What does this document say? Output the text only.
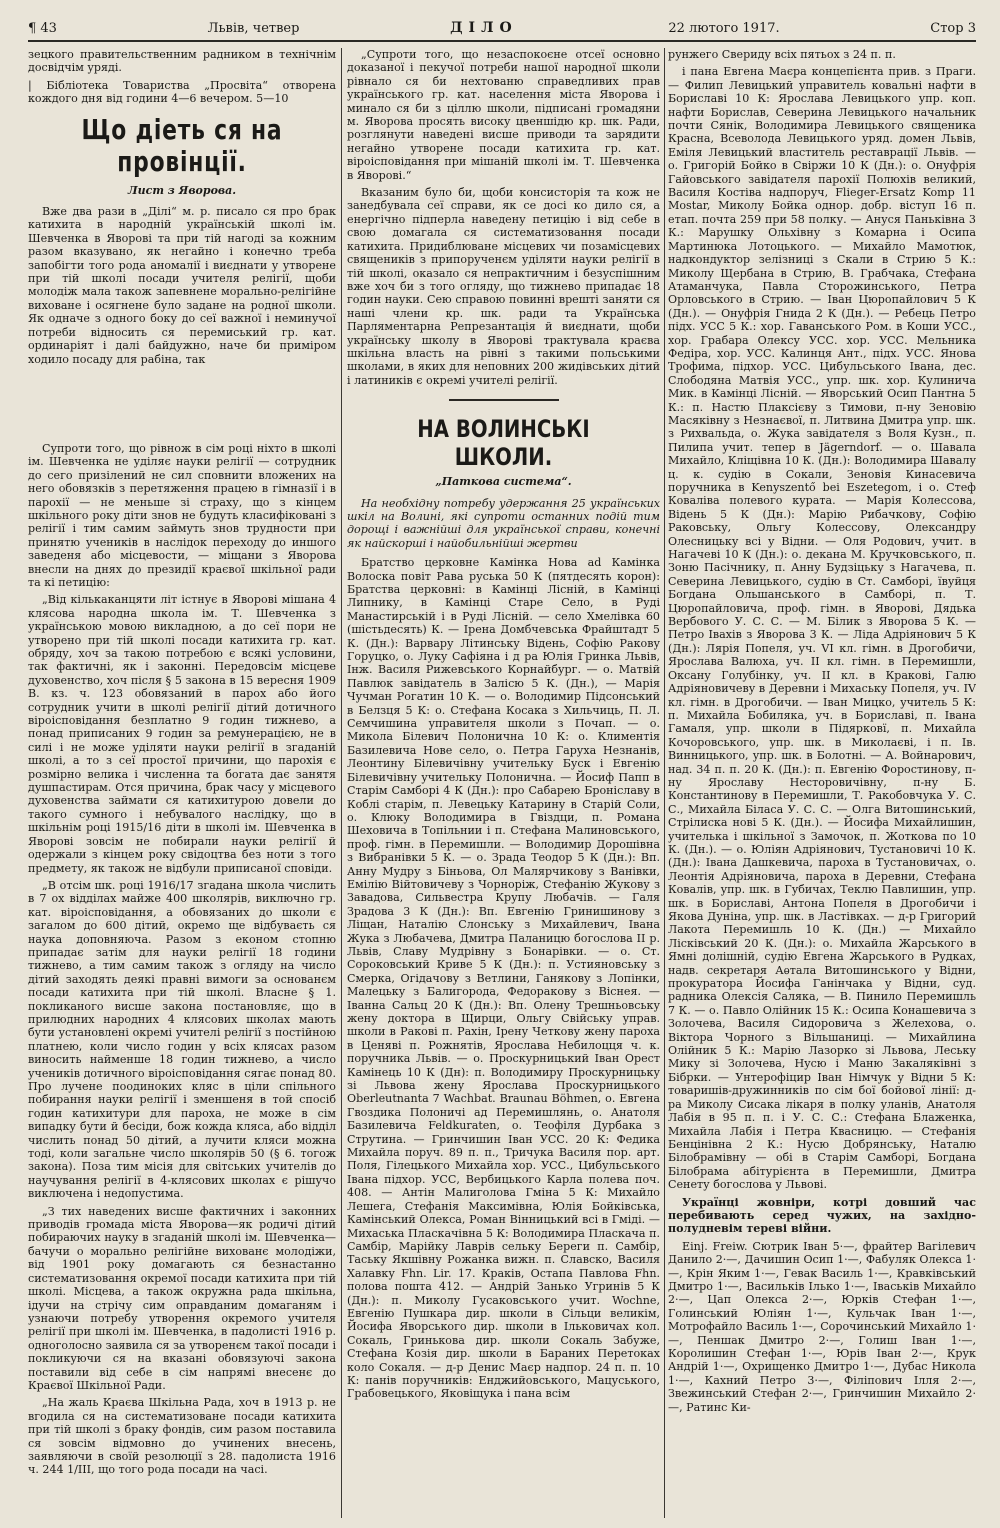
¶ 43	Львів, четвер	ДІЛО	22 лютого 1917.	Стор 3

зецкого правительственним радником в технічнім досвідчім уряді.

| Бібліотека Товариства „Просвіта“ отворена кождого дня від години 4—6 вечером. 5—10

Що діеть ся на провінції.
Лист з Яворова.

Вже два рази в „Ділі“ м. р. писало ся про брак катихита в народній українській школі ім. Шевченка в Яворові та при тій нагоді за кожним разом вказувано, як негайно і конечно треба запобігти того рода аномалії і виєднати у утворене при тій школі посади учителя релігії, щоби молодіж мала також запевнене морально-релігійне виховане і осягнене було задане на родної школи. Як одначе з одного боку до сеї важної і неминучої потреби відносить ся перемиський гр. кат. ординаріят і далі байдужно, наче би приміром ходило посаду для рабіна, так

Супроти того, що рівнож в сім році ніхто в школі ім. Шевченка не уділяє науки релігії — сотрудник до сего призілений не сил сповнити вложених на него обовязків з перетяження працею в гімназії і в парохії — не меньше зі страху, що з кінцем шкільного року діти знов не будуть класифіковані з релігії і тим самим займуть знов трудности при принятю учеників в наслідок переходу до иншого заведеня або місцевости, — міщани з Яворова внесли на днях до президії краєвої шкільної ради та кі петицію:

„Від кількаканцяти літ істнує в Яворові мішана 4 клясова народна школа ім. Т. Шевченка з українською мовою викладною, а до сеї пори не утворено при тій школі посади катихита гр. кат. обряду, хоч за такою потребою є всякі условини, так фактичні, як і законні. Передовсім місцеве духовенство, хоч після § 5 закона в 15 вересня 1909 В. кз. ч. 123 обовязаний в парох або його сотрудник учити в школі релігії дітий дотичного віроісповідання безплатно 9 годин тижнево, а понад приписаних 9 годин за ремунерацією, не в силі і не може уділяти науки релігії в згаданій школі, а то з сеї простої причини, що парохія є розмірно велика і численна та богата дає занятя душпастирам. Отся причина, брак часу у місцевого духовенства займати ся катихитурою довели до такого сумного і небувалого наслідку, що в шкільнім році 1915/16 діти в школі ім. Шевченка в Яворові зовсім не побирали науки релігії й одержали з кінцем року свідоцтва без ноти з того предмету, як також не відбули приписаної сповіди.

„В отсім шк. році 1916/17 згадана школа числить в 7 ох відділах майже 400 школярів, виключно гр. кат. віроісповідання, а обовязаних до школи є загалом до 600 дітий, окремо ще відбуваєть ся наука доповняюча. Разом з економ стопню припадає затім для науки релігії 18 години тижнево, а тим самим також з огляду на число дітий заходять деякі правні вимоги за основанєм посади катихита при тій школі. Власне § 1. покликаного висше закона постановляє, що в прилюдних народних 4 клясових школах мають бути установлені окремі учителі релігії з постійною платнею, коли число годин у всіх клясах разом виносить найменше 18 годин тижнево, а число учеників дотичного віроісповідання сягає понад 80. Про лучене поодиноких кляс в ціли спільного побирання науки релігії і зменшеня в той спосіб годин катихитури для пароха, не може в сім випадку бути й бесіди, бож кожда кляса, або відділ числить понад 50 дітий, а лучити кляси можна тоді, коли загальне число школярів 50 (§ 6. тогож закона). Поза тим місія для світських учителів до научування релігії в 4-клясових школах є рішучо виключена і недопустима.

„З тих наведених висше фактичних і законних приводів громада міста Яворова—як родичі дітий побираючих науку в згаданій школі ім. Шевченка—бачучи о морально релігійне вихованє молодіжи, від 1901 року домагають ся безнастанно систематизовання окремої посади катихита при тій школі. Місцева, а також окружна рада шкільна, ідучи на стрічу сим оправданим домаганям і узнаючи потребу утворення окремого учителя релігії при школі ім. Шевченка, в падолисті 1916 р. одноголосно заявила ся за утворенєм такої посади і покликуючи ся на вказані обовязуючі закона поставили від себе в сім напрямі внесенє до Краєвої Шкільної Ради.

„На жаль Краєва Шкільна Рада, хоч в 1913 р. не вгодила ся на систематизоване посади катихита при тій школі з браку фондів, сим разом поставила ся зовсім відмовно до учинених внесень, заявляючи в своїй резолюції з 28. падолиста 1916 ч. 244 1/III, що того рода посади на часі.

„Супроти того, що незаспокоєне отсеї основно доказаної і пекучої потреби нашої народної школи рівнало ся би нехтованю справедливих прав українського гр. кат. населення міста Яворова і минало ся би з ціллю школи, підписані громадяни м. Яворова просять високу цвеншідю кр. шк. Ради, розглянути наведені висше приводи та зарядити негайно утворене посади катихита гр. кат. віроісповідання при мішаній школі ім. Т. Шевченка в Яворові.“

Вказаним було би, щоби консисторія та кож не занедбувала сеї справи, як се досі ко дило ся, а енергічно підперла наведену петицію і від себе в свою домагала ся систематизовання посади катихита. Придиблюване місцевих чи позамісцевих священиків з припорученєм уділяти науки релігії в тій школі, оказало ся непрактичним і безуспішним вже хоч би з того огляду, що тижнево припадає 18 годин науки. Сею справою повинні врешті заняти ся наші члени кр. шк. ради та Українська Парляментарна Репрезантація й виєднати, щоби українську школу в Яворові трактувала краєва шкільна власть на рівні з такими польськими школами, в яких для неповних 200 жидівських дітий і латиників є окремі учителі релігії.

НА ВОЛИНСЬКІ ШКОЛИ.
„Паткова система“.

На необхідну потребу удержання 25 українських шкіл на Волині, які супроти останних подій тим дорощі і важнійші для української справи, конечні як найскорші і найобильнійші жертви

Братство церковне Камінка Нова ad Камінка Волоска повіт Рава руська 50 К (пятдесять корон): Братства церковні: в Камінці Лісній, в Камінці Липнику, в Камінці Старе Село, в Руді Манастирській і в Руді Лісній. — село Хмелівка 60 (шістьдесять) К. — Ірена Домбчевська Фрайштадт 5 К. (Дн.): Варвару Літинську Відень, Софію Ракову Горуцко, о. Луку Сафіяна і д ра Юлія Гринка Львів, Інж. Василя Рижевського Корнайбург. — о. Матвій Павлюк завідатель в Залісю 5 К. (Дн.), — Марія Чучман Рогатин 10 К. — о. Володимир Підсонський в Белзця 5 К: о. Стефана Косака з Хильчиць, П. Л. Семчишина управителя школи з Почап. — о. Микола Білевич Полонична 10 К: о. Климентія Базилевича Нове село, о. Петра Гаруха Незнанів, Леонтину Білевичівну учительку Буск і Евгенію Білевичівну учительку Полонична. — Йосиф Папп в Старім Самборі 4 К (Дн.): про Сабарею Броніславу в Коблі старім, п. Левецьку Катарину в Старій Соли, о. Клюку Володимира в Гвіздци, п. Романа Шеховича в Топільнии і п. Стефана Малиновського, проф. гімн. в Перемишли. — Володимир Дорошівна з Вибранівки 5 К. — о. Зрада Теодор 5 К (Дн.): Вп. Анну Мудру з Біньова, Ол Малярчикову з Ванівки, Емілію Війтовичеву з Чорноріж, Стефанію Жукову з Завадова, Сильвестра Крупу Любачів. — Галя Зрадова 3 К (Дн.): Вп. Евгенію Гринишинову з Ліщан, Наталію Слонську з Михайлевич, Івана Жука з Любачева, Дмитра Паланицю богослова II р. Львів, Славу Мудрівну з Бонарівки. — о. Ст. Сороковський Криве 5 К (Дн.): п. Устияновську з Смерка, Огідачову з Ветлини, Ганякову з Лопінки, Малецьку з Балигорода, Федоракову з Віснея. — Іванна Сальц 20 К (Дн.): Вп. Олену Трешньовську жену доктора в Щирци, Ольгу Свійську управ. школи в Ракові п. Рахін, Ірену Четкову жену пароха в Ценяві п. Рожнятів, Ярослава Небилоцця ч. к. поручника Львів. — о. Проскурницький Іван Орест Камінець 10 К (Дн): п. Володимиру Проскурницьку зі Львова жену Ярослава Проскурницького Oberleutnanta 7 Wachbat. Braunau Böhmen, о. Евгена Гвоздика Полоничі ад Перемишлянь, о. Анатоля Базилевича Feldkuraten, о. Теофіля Дурбака з Струтина. — Гринчишин Іван УСС. 20 К: Федика Михайла поруч. 89 п. п., Тричука Василя пор. арт. Поля, Гілецького Михайла хор. УСС., Цибульського Івана підхор. УСС, Вербицького Карла полева поч. 408. — Антін Малиголова Гміна 5 К: Михайло Лешега, Стефанія Максимівна, Юлія Бойківська, Камінський Олекса, Роман Вінницький всі в Гміді. — Михаська Пласкачівна 5 К: Володимира Пласкача п. Самбір, Марійку Лаврів сельку Береги п. Самбір, Таську Якшівну Рожанка вижн. п. Славско, Василя Халавку Fhn. Lir. 17. Краків, Остапа Павлова Fhn. полова пошта 412. — Андрій Занько Угринів 5 К (Дн.): п. Миколу Гусаковського учит. Wochne, Eвгенію Пушкара дир. школи в Сільци великім, Йосифа Яворського дир. школи в Ільковичах кол. Сокаль, Гринькова дир. школи Сокаль Забуже, Стефана Козія дир. школи в Бараних Перетоках коло Сокаля. — д-р Денис Маєр надпор. 24 п. п. 10 К: панів поручників: Енджийовського, Мацуського, Грабовецького, Яковіщука і пана всім

рунжего Свериду всіх пятьох з 24 п. п.

і пана Евгена Маєра концепієнта прив. з Праги. — Филип Левицький управитель ковальні нафти в Бориславі 10 К: Ярослава Левицького упр. коп. нафти Борислав, Северина Левицького начальник почти Сянік, Володимира Левицького священика Красна, Всеволода Левицького уряд. домен Львів, Еміля Левицький властитель реставрації Львів. — о. Григорій Бойко в Свіржи 10 К (Дн.): о. Онуфрія Гайовського завідателя парохії Полюхів великий, Василя Костіва надпоруч, Flieger-Ersatz Komp 11 Mostar, Миколу Бойка однор. добр. віступ 16 п. етап. почта 259 при 58 полку. — Ануся Паньківна 3 К.: Марушку Ольхівну з Комарна і Осипа Мартинюка Лотоцького. — Михайло Мамотюк, надкондуктор зелізниці з Скали в Стрию 5 К.: Миколу Щербана в Стрию, В. Грабчака, Стефана Атаманчука, Павла Сторожинського, Петра Орловського в Стрию. — Іван Цюропайлович 5 К (Дн.). — Онуфрія Гнида 2 К (Дн.). — Ребець Петро підх. УСС 5 К.: хор. Гаванського Ром. в Коши УСС., хор. Грабара Олексу УСС. хор. УСС. Мельника Федіра, хор. УСС. Калинця Ант., підх. УСС. Янова Трофима, підхор. УСС. Цибульського Івана, дес. Слободяна Матвія УСС., упр. шк. хор. Кулинича Мик. в Камінці Лісній. — Яворський Осип Пантна 5 К.: п. Настю Плаксієву з Тимови, п-ну Зеновію Масяківну з Незнаєвої, п. Литвина Дмитра упр. шк. з Рихвальда, о. Жука завідателя з Воля Кузн., п. Пилипа учит. тепер в Jägerndorf. — о. Шавала Михайло, Кліщівна 10 К. (Дн.): Володимира Шавалу ц. к. судію в Сокали, Зеновія Кинасевича поручника в Kenyszentő bei Eszetegom, і о. Стеф Коваліва полевого курата. — Марія Колессова, Відень 5 К (Дн.): Марію Рибачкову, Софію Раковську, Ольгу Колессову, Олександру Олесницьку всі у Відни. — Оля Родович, учит. в Нагачеві 10 К (Дн.): о. декана М. Кручковського, п. Зоню Пасічнику, п. Анну Будзіцьку з Нагачева, п. Северина Левицького, судію в Ст. Самборі, ївуйця Богдана Ольшанського в Самборі, п. Т. Цюропайловича, проф. гімн. в Яворові, Дядька Вербового У. С. С. — М. Білик з Яворова 5 К. — Петро Івахів з Яворова 3 К. — Ліда Адріянович 5 К (Дн.): Лярія Попеля, уч. VI кл. гімн. в Дрогобичи, Ярослава Валюха, уч. II кл. гімн. в Перемишли, Оксану Голубінку, уч. II кл. в Кракові, Галю Адріяновичеву в Деревни і Михаську Попеля, уч. IV кл. гімн. в Дрогобичи. — Іван Мицко, учитель 5 К: п. Михайла Бобиляка, уч. в Бориславі, п. Івана Гамаля, упр. школи в Підярковї, п. Михайла Кочоровського, упр. шк. в Миколаєві, і п. Ів. Винницького, упр. шк. в Болотні. — А. Войнарович, над. 34 п. п. 20 К. (Дн.): п. Евгенію Форостинову, п-ну Ярославу Несторовичівну, п-ну Б. Константинову в Перемишли, Т. Ракобовчука У. С. С., Михайла Біласа У. С. С. — Олга Витошинський, Стрілиска нові 5 К. (Дн.). — Йосифа Михайлишин, учителька і шкільної з Замочок, п. Жоткова по 10 К. (Дн.). — о. Юліян Адріянович, Тустановичі 10 К. (Дн.): Івана Дашкевича, пароха в Тустановичах, о. Леонтія Адріяновича, пароха в Деревни, Стефана Ковалів, упр. шк. в Губичах, Теклю Павлишин, упр. шк. в Бориславі, Антона Попеля в Дрогобичи і Якова Дуніна, упр. шк. в Ластівках. — д-р Григорий Лакота Перемишль 10 К. (Дн.) — Михайло Лісківський 20 К. (Дн.): о. Михайла Жарського в Ямні долішній, судію Евгена Жарського в Рудках, надв. секретаря Аѳтала Витошинського у Відни, прокуратора Йосифа Ганінчака у Відни, суд. радника Олексія Саляка, — В. Пинило Перемишль 7 К. — о. Павло Олійник 15 К.: Осипа Конашевича з Золочева, Василя Сидоровича з Желехова, о. Віктора Чорного з Вільшаниці. — Михайлина Олійник 5 К.: Марію Лазорко зі Львова, Леську Мику зі Золочева, Нусю і Маню Закаляківні з Бібрки. — Унтерофіцир Іван Німчук у Відни 5 К: товаришів-дружинників по сім бої бойової лінії: д-ра Миколу Сисака лікаря в полку уланів, Анатоля Лабія в 95 п. п. і У. С. С.: Стефана Блаженка, Михайла Лабія і Петра Квасницю. — Стефанія Бенцінівна 2 К.: Нусю Добрянську, Наталю Білобрамівну — обі в Старім Самборі, Богдана Білобрама абітурієнта в Перемишли, Дмитра Сенету богослова у Львові.

Українці жовніри, котрі довший час перебивають серед чужих, на західно-полудневім тереві війни.

Einj. Freiw. Сютрик Іван 5·—, фрайтер Вагілевич Данило 2·—, Дачишин Осип 1·—, Фабуляк Олекса 1·—, Крін Яким 1·—, Гевак Василь 1·—, Кравківський Дмитро 1·—, Васильків Ілько 1·—, Іваськів Михайло 2·—, Цап Олекса 2·—, Юрків Стефан 1·—, Голинський Юліян 1·—, Кульчак Іван 1·—, Мотрофайло Василь 1·—, Сорочинський Михайло 1·—, Пеншак Дмитро 2·—, Голиш Іван 1·—, Королишин Стефан 1·—, Юрів Іван 2·—, Крук Андрій 1·—, Охрищенко Дмитро 1·—, Дубас Никола 1·—, Кахний Петро 3·—, Філіпович Ілля 2·—, Звежинський Стефан 2·—, Гринчишин Михайло 2·—, Ратинс Ки-
